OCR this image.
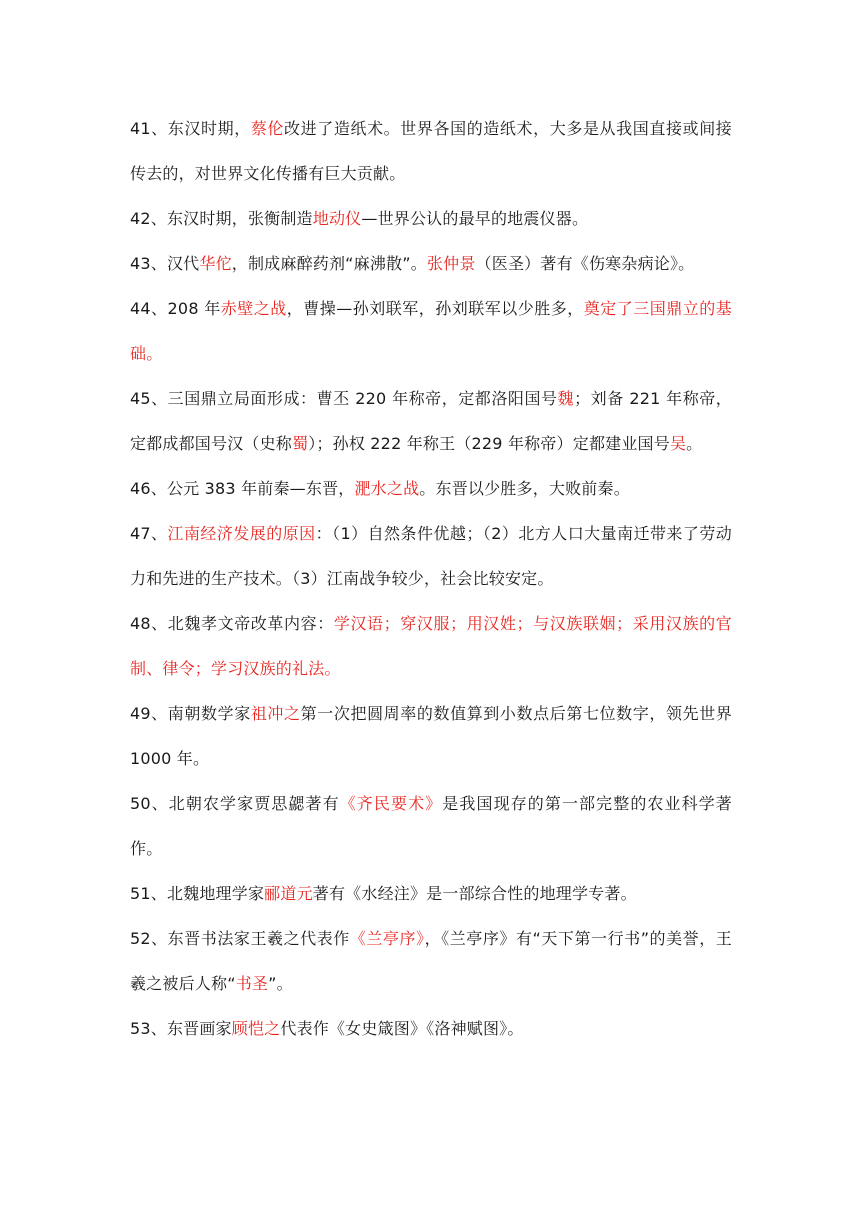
41、东汉时期，蔡伦改进了造纸术。世界各国的造纸术，大多是从我国直接或间接传去的，对世界文化传播有巨大贡献。

42、东汉时期，张衡制造地动仪—世界公认的最早的地震仪器。

43、汉代华佗，制成麻醉药剂“麻沸散”。张仲景（医圣）著有《伤寒杂病论》。

44、208 年赤壁之战，曹操—孙刘联军，孙刘联军以少胜多，奠定了三国鼎立的基础。

45、三国鼎立局面形成：曹丕 220 年称帝，定都洛阳国号魏；刘备 221 年称帝，定都成都国号汉（史称蜀）；孙权 222 年称王（229 年称帝）定都建业国号吴。

46、公元 383 年前秦—东晋，淝水之战。东晋以少胜多，大败前秦。

47、江南经济发展的原因：（1）自然条件优越；（2）北方人口大量南迁带来了劳动力和先进的生产技术。（3）江南战争较少，社会比较安定。

48、北魏孝文帝改革内容：学汉语；穿汉服；用汉姓；与汉族联姻；采用汉族的官制、律令；学习汉族的礼法。

49、南朝数学家祖冲之第一次把圆周率的数值算到小数点后第七位数字，领先世界 1000 年。

50、北朝农学家贾思勰著有《齐民要术》是我国现存的第一部完整的农业科学著作。

51、北魏地理学家郦道元著有《水经注》是一部综合性的地理学专著。

52、东晋书法家王羲之代表作《兰亭序》，《兰亭序》有“天下第一行书”的美誉，王羲之被后人称“书圣”。

53、东晋画家顾恺之代表作《女史箴图》《洛神赋图》。
